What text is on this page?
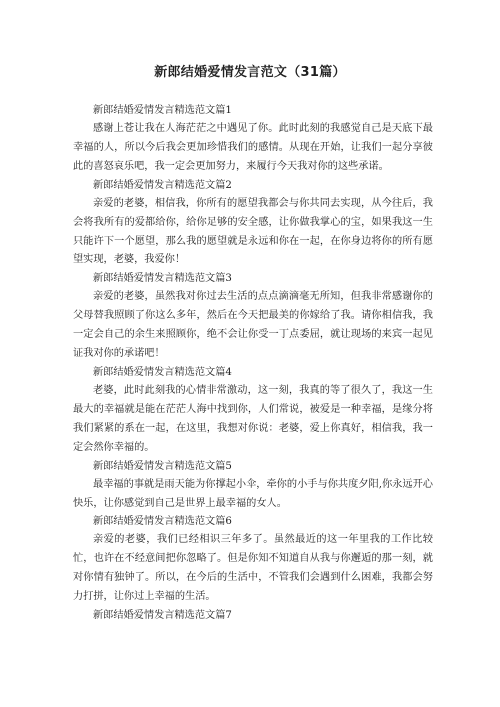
新郎结婚爱情发言范文（31篇）
新郎结婚爱情发言精选范文篇1

感谢上苍让我在人海茫茫之中遇见了你。此时此刻的我感觉自己是天底下最幸福的人，所以今后我会更加珍惜我们的感情。从现在开始，让我们一起分享彼此的喜怒哀乐吧，我一定会更加努力，来履行今天我对你的这些承诺。

新郎结婚爱情发言精选范文篇2

亲爱的老婆，相信我，你所有的愿望我都会与你共同去实现，从今往后，我会将我所有的爱都给你，给你足够的安全感，让你做我掌心的宝，如果我这一生只能许下一个愿望，那么我的愿望就是永远和你在一起，在你身边将你的所有愿望实现，老婆，我爱你！

新郎结婚爱情发言精选范文篇3

亲爱的老婆，虽然我对你过去生活的点点滴滴毫无所知，但我非常感谢你的父母替我照顾了你这么多年，然后在今天把最美的你嫁给了我。请你相信我，我一定会自己的余生来照顾你，绝不会让你受一丁点委屈，就让现场的来宾一起见证我对你的承诺吧！

新郎结婚爱情发言精选范文篇4

老婆，此时此刻我的心情非常激动，这一刻，我真的等了很久了，我这一生最大的幸福就是能在茫茫人海中找到你，人们常说，被爱是一种幸福，是缘分将我们紧紧的系在一起，在这里，我想对你说：老婆，爱上你真好，相信我，我一定会然你幸福的。

新郎结婚爱情发言精选范文篇5

最幸福的事就是雨天能为你撑起小伞，牵你的小手与你共度夕阳,你永远开心快乐，让你感觉到自己是世界上最幸福的女人。

新郎结婚爱情发言精选范文篇6

亲爱的老婆，我们已经相识三年多了。虽然最近的这一年里我的工作比较忙，也许在不经意间把你忽略了。但是你知不知道自从我与你邂逅的那一刻，就对你情有独钟了。所以，在今后的生活中，不管我们会遇到什么困难，我都会努力打拼，让你过上幸福的生活。

新郎结婚爱情发言精选范文篇7
